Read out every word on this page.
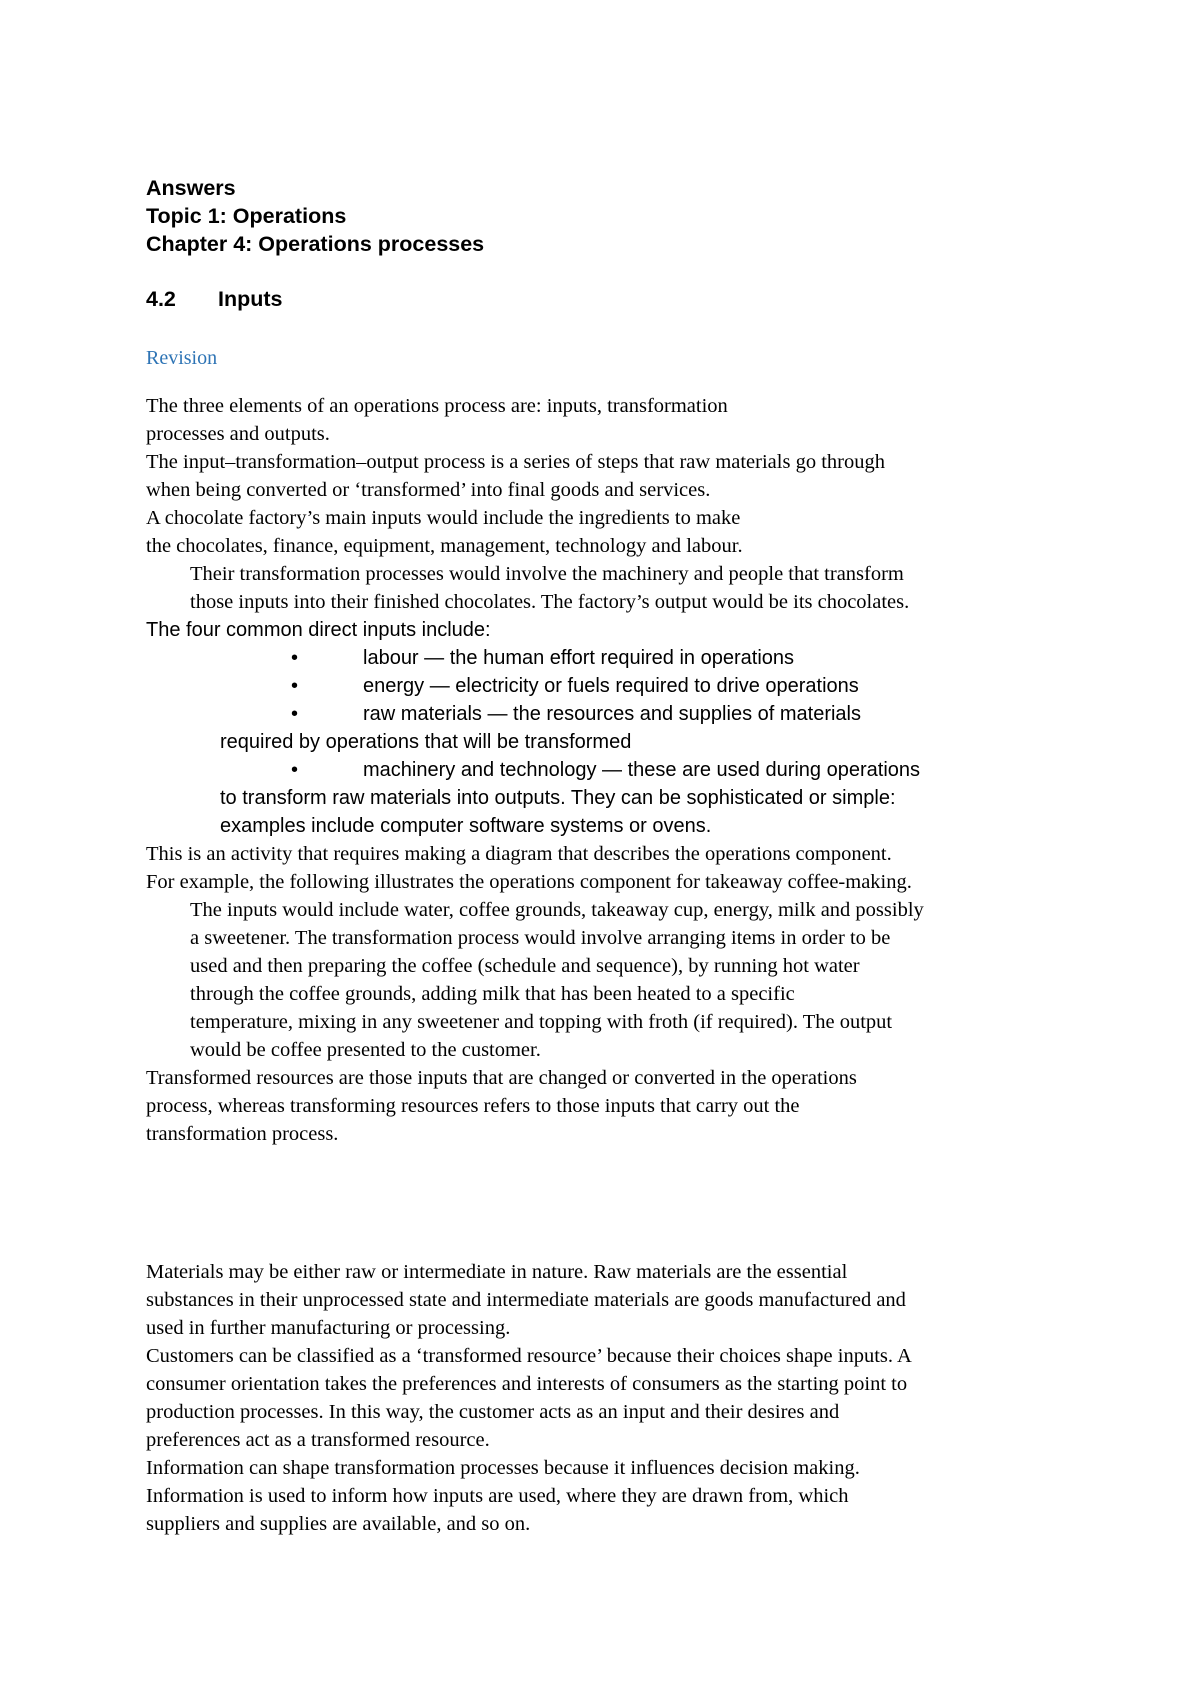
Answers
Topic 1: Operations
Chapter 4: Operations processes
4.2 Inputs
Revision
The three elements of an operations process are: inputs, transformation
processes and outputs.
The input–transformation–output process is a series of steps that raw materials go through
when being converted or ‘transformed’ into final goods and services.
A chocolate factory’s main inputs would include the ingredients to make
the chocolates, finance, equipment, management, technology and labour.
Their transformation processes would involve the machinery and people that transform
those inputs into their finished chocolates. The factory’s output would be its chocolates.
The four common direct inputs include:
•	labour — the human effort required in operations
•	energy — electricity or fuels required to drive operations
•	raw materials — the resources and supplies of materials
required by operations that will be transformed
•	machinery and technology — these are used during operations
to transform raw materials into outputs. They can be sophisticated or simple:
examples include computer software systems or ovens.
This is an activity that requires making a diagram that describes the operations component.
For example, the following illustrates the operations component for takeaway coffee-making.
The inputs would include water, coffee grounds, takeaway cup, energy, milk and possibly
a sweetener. The transformation process would involve arranging items in order to be
used and then preparing the coffee (schedule and sequence), by running hot water
through the coffee grounds, adding milk that has been heated to a specific
temperature, mixing in any sweetener and topping with froth (if required). The output
would be coffee presented to the customer.
Transformed resources are those inputs that are changed or converted in the operations
process, whereas transforming resources refers to those inputs that carry out the
transformation process.
Materials may be either raw or intermediate in nature. Raw materials are the essential
substances in their unprocessed state and intermediate materials are goods manufactured and
used in further manufacturing or processing.
Customers can be classified as a ‘transformed resource’ because their choices shape inputs. A
consumer orientation takes the preferences and interests of consumers as the starting point to
production processes. In this way, the customer acts as an input and their desires and
preferences act as a transformed resource.
Information can shape transformation processes because it influences decision making.
Information is used to inform how inputs are used, where they are drawn from, which
suppliers and supplies are available, and so on.
